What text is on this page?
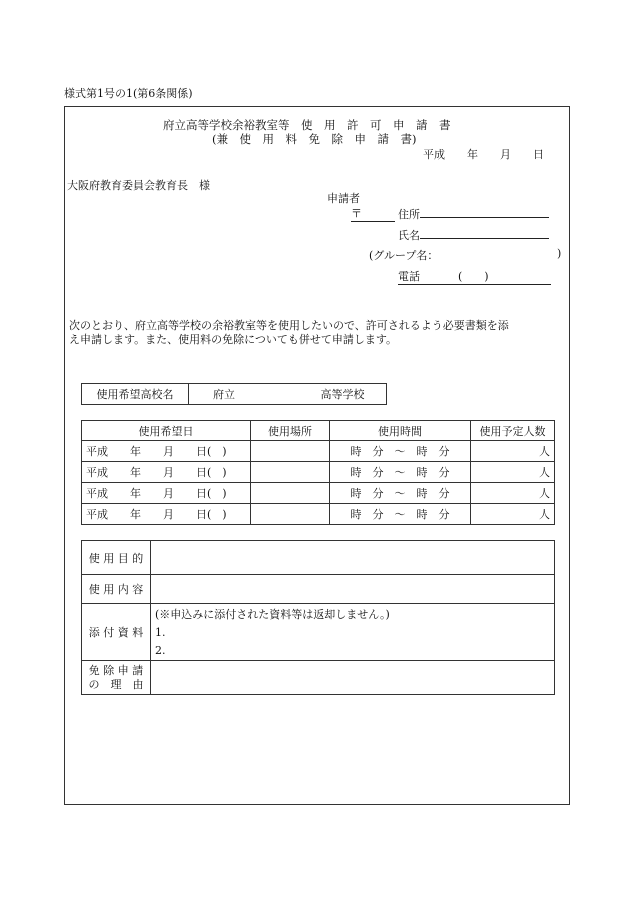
様式第1号の1(第6条関係)
府立高等学校余裕教室等　使　用　許　可　申　請　書
(兼　使　用　料　免　除　申　請　書)
平成　　年　　月　　日
大阪府教育委員会教育長　様
申請者
〒	住所
氏名
(グループ名：	)
電話	(　　)
次のとおり、府立高等学校の余裕教室等を使用したいので、許可されるよう必要書類を添
え申請します。また、使用料の免除についても併せて申請します。
使用希望高校名	府立	高等学校
使用希望日	使用場所	使用時間	使用予定人数
平成　　年　　月　　日(　)		時　分　～　時　分	人
平成　　年　　月　　日(　)		時　分　～　時　分	人
平成　　年　　月　　日(　)		時　分　～　時　分	人
平成　　年　　月　　日(　)		時　分　～　時　分	人
使 用 目 的	
使 用 内 容	
添 付 資 料	(※申込みに添付された資料等は返却しません。)
1.
2.

免 除 申 請
の　理　由	
